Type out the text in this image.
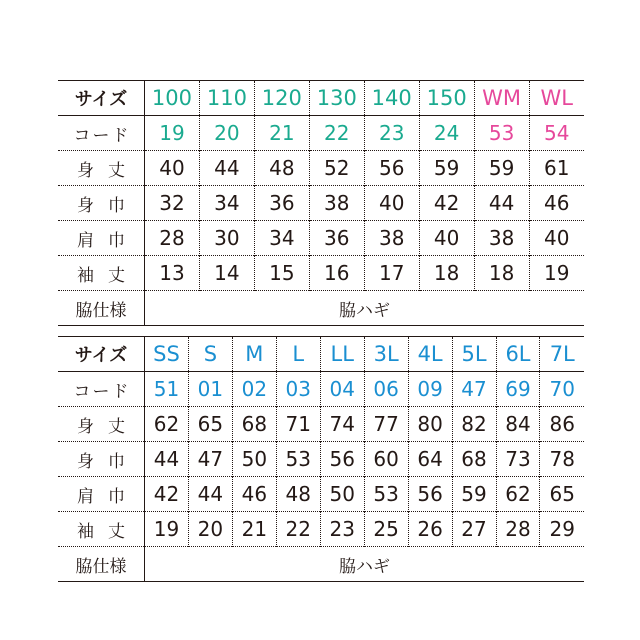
サイズ	100	110	120	130	140	150	WM	WL
コード	19	20	21	22	23	24	53	54
身丈	40	44	48	52	56	59	59	61
身巾	32	34	36	38	40	42	44	46
肩巾	28	30	34	36	38	40	38	40
袖丈	13	14	15	16	17	18	18	19
脇仕様	脇ハギ							
サイズ	SS	S	M	L	LL	3L	4L	5L	6L	7L
コード	51	01	02	03	04	06	09	47	69	70
身丈	62	65	68	71	74	77	80	82	84	86
身巾	44	47	50	53	56	60	64	68	73	78
肩巾	42	44	46	48	50	53	56	59	62	65
袖丈	19	20	21	22	23	25	26	27	28	29
脇仕様	脇ハギ									
